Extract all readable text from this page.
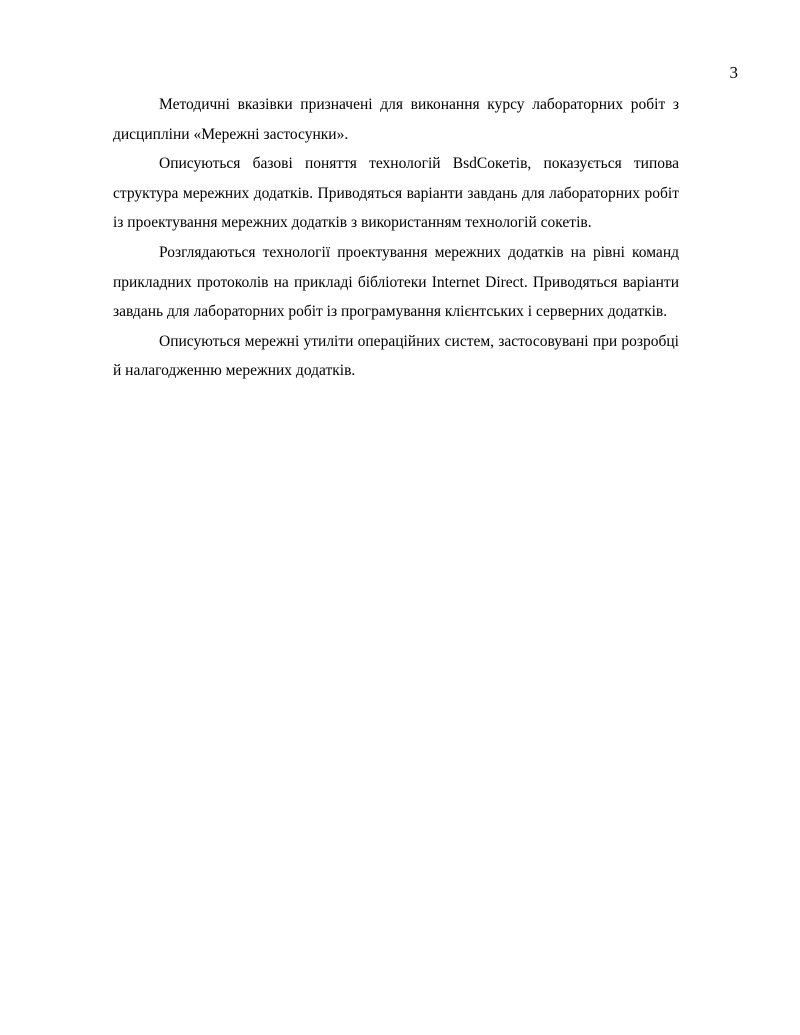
3

Методичні вказівки призначені для виконання курсу лабораторних робіт з дисципліни «Мережні застосунки».

Описуються базові поняття технологій BsdСокетів, показується типова структура мережних додатків. Приводяться варіанти завдань для лабораторних робіт із проектування мережних додатків з використанням технологій сокетів.

Розглядаються технології проектування мережних додатків на рівні команд прикладних протоколів на прикладі бібліотеки Internet Direct. Приводяться варіанти завдань для лабораторних робіт із програмування клієнтських і серверних додатків.

Описуються мережні утиліти операційних систем, застосовувані при розробці й налагодженню мережних додатків.
